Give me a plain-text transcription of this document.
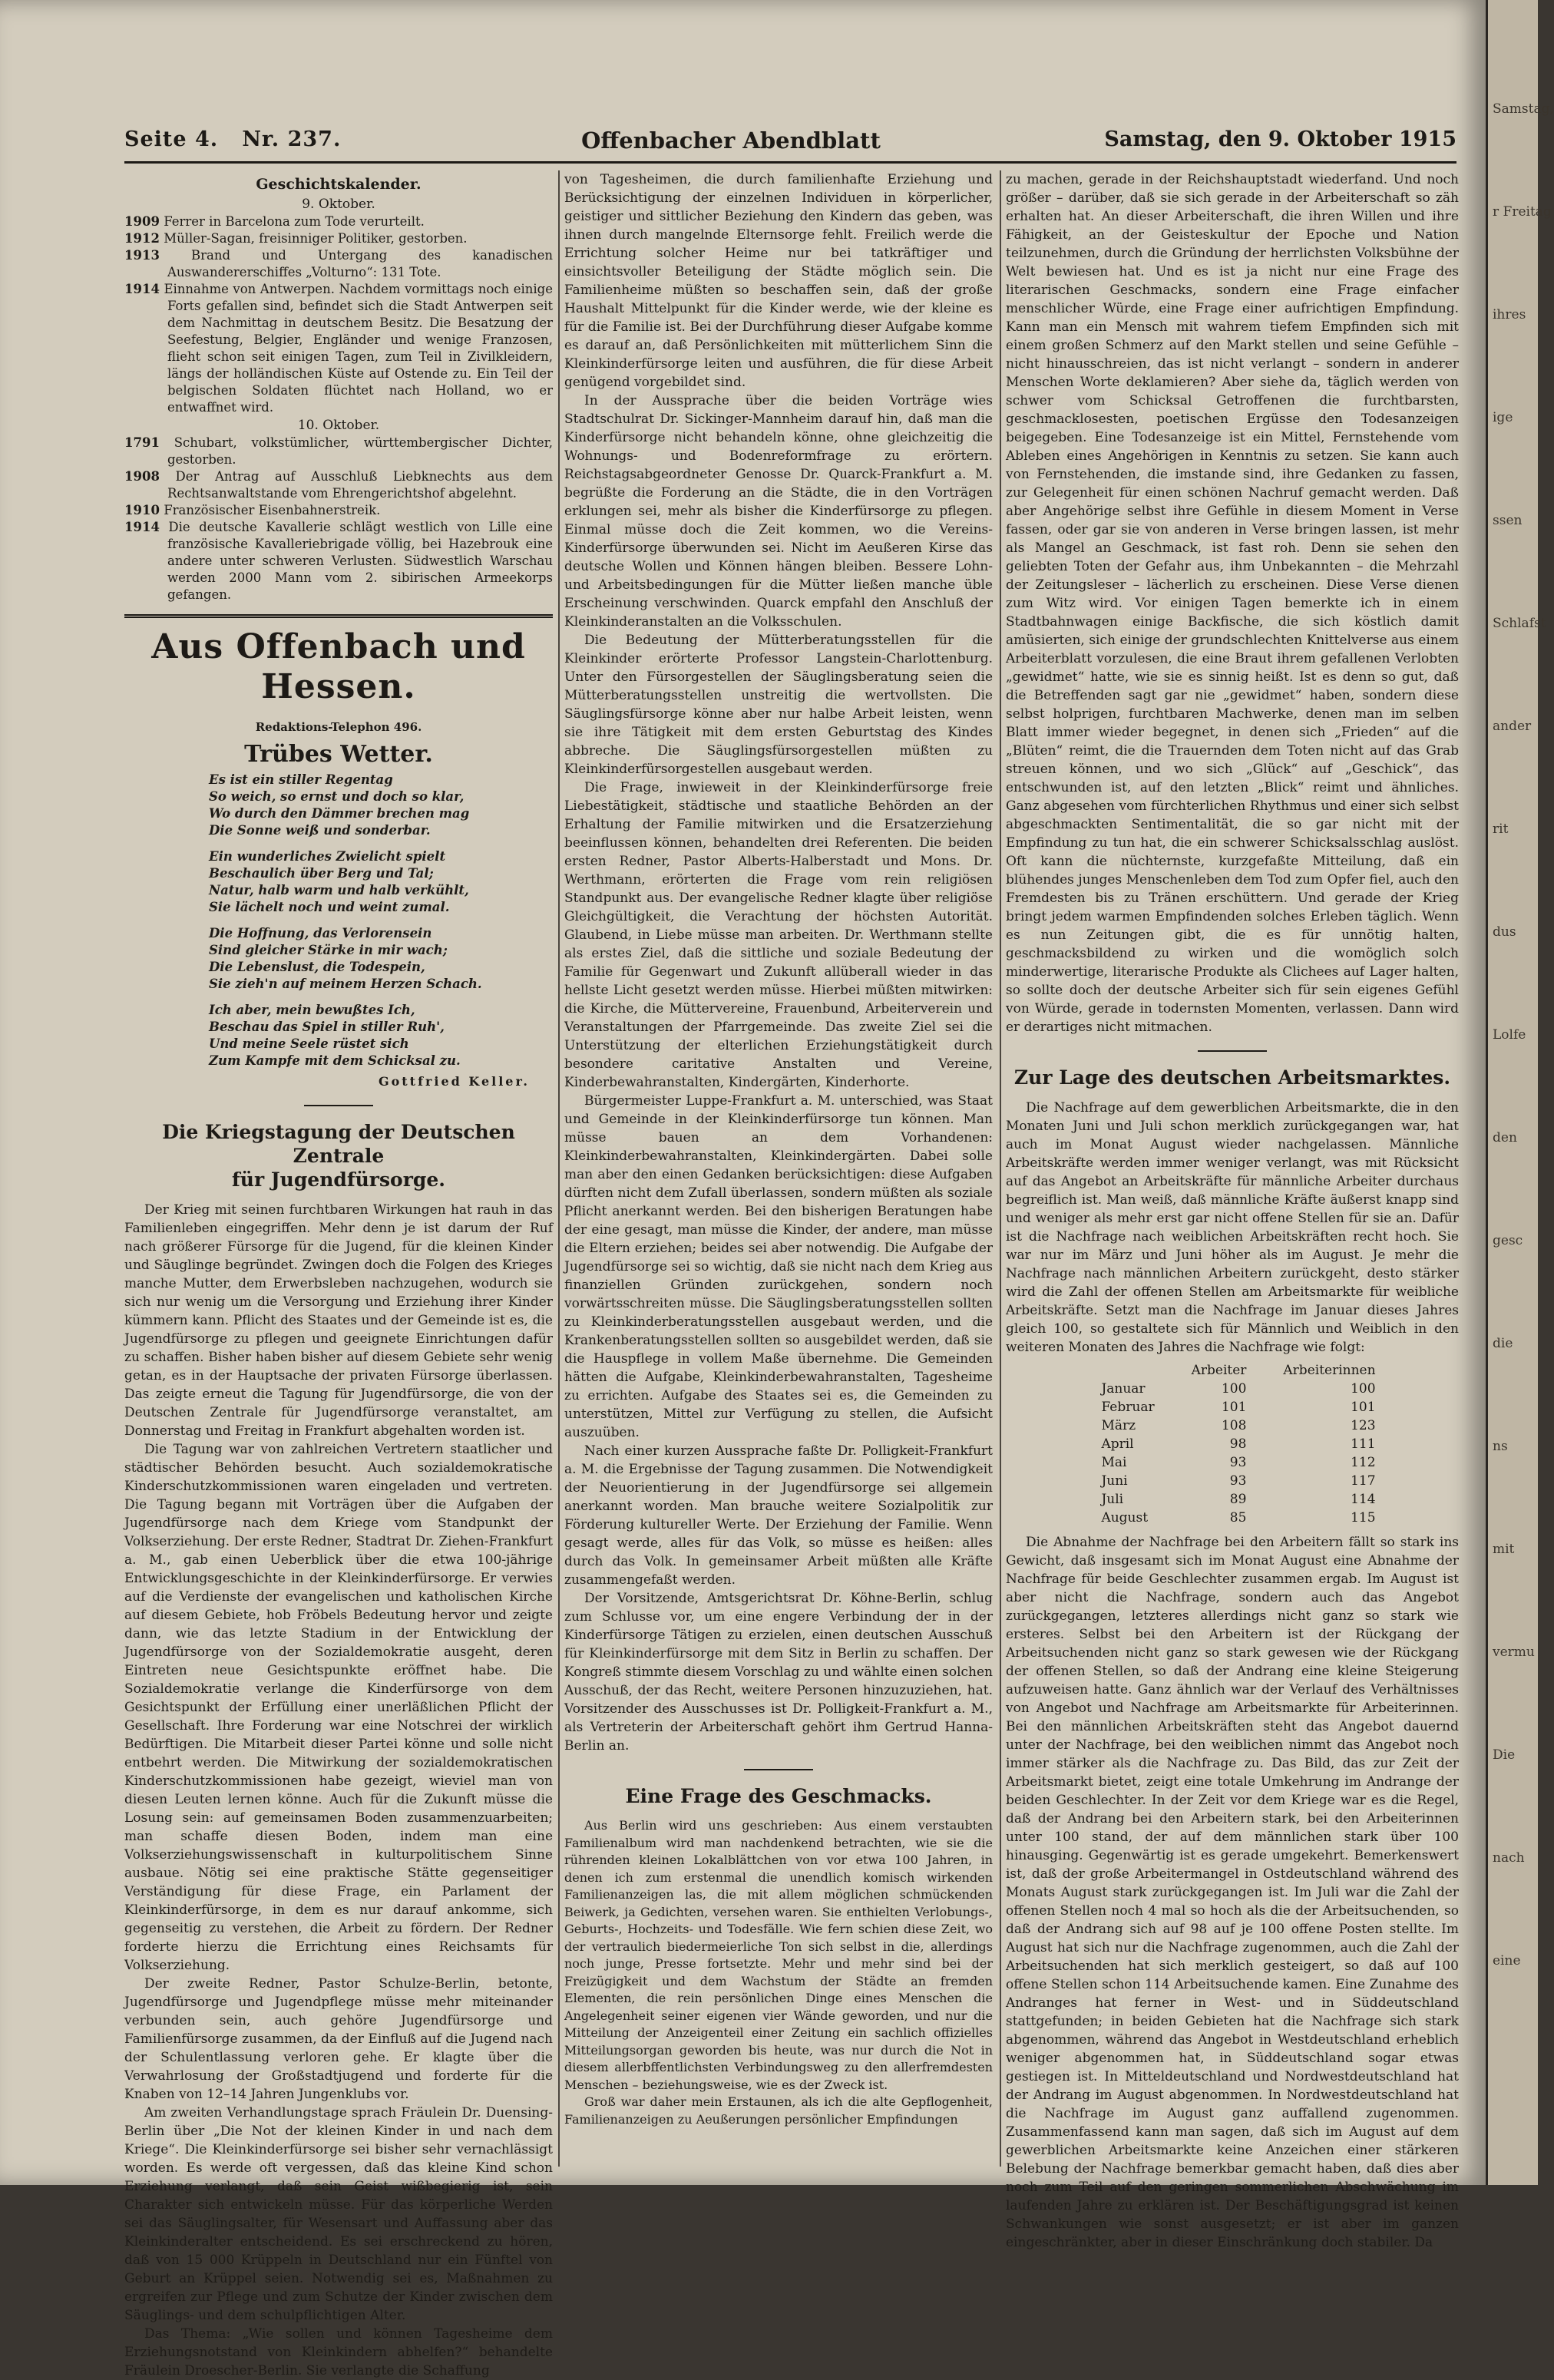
Seite 4. Nr. 237.	Offenbacher Abendblatt	Samstag, den 9. Oktober 1915

Geschichtskalender.

9. Oktober.

1909 Ferrer in Barcelona zum Tode verurteilt.

1912 Müller-Sagan, freisinniger Politiker, gestorben.

1913 Brand und Untergang des kanadischen Auswandererschiffes „Volturno“: 131 Tote.

1914 Einnahme von Antwerpen. Nachdem vormittags noch einige Forts gefallen sind, befindet sich die Stadt Antwerpen seit dem Nachmittag in deutschem Besitz. Die Besatzung der Seefestung, Belgier, Engländer und wenige Franzosen, flieht schon seit einigen Tagen, zum Teil in Zivilkleidern, längs der holländischen Küste auf Ostende zu. Ein Teil der belgischen Soldaten flüchtet nach Holland, wo er entwaffnet wird.

10. Oktober.

1791 Schubart, volkstümlicher, württembergischer Dichter, gestorben.

1908 Der Antrag auf Ausschluß Liebknechts aus dem Rechtsanwaltstande vom Ehrengerichtshof abgelehnt.

1910 Französischer Eisenbahnerstreik.

1914 Die deutsche Kavallerie schlägt westlich von Lille eine französische Kavalleriebrigade völlig, bei Hazebrouk eine andere unter schweren Verlusten. Südwestlich Warschau werden 2000 Mann vom 2. sibirischen Armeekorps gefangen.

Aus Offenbach und Hessen.

Redaktions-Telephon 496.

Trübes Wetter.

Es ist ein stiller Regentag

So weich, so ernst und doch so klar,

Wo durch den Dämmer brechen mag

Die Sonne weiß und sonderbar.

Ein wunderliches Zwielicht spielt

Beschaulich über Berg und Tal;

Natur, halb warm und halb verkühlt,

Sie lächelt noch und weint zumal.

Die Hoffnung, das Verlorensein

Sind gleicher Stärke in mir wach;

Die Lebenslust, die Todespein,

Sie zieh'n auf meinem Herzen Schach.

Ich aber, mein bewußtes Ich,

Beschau das Spiel in stiller Ruh',

Und meine Seele rüstet sich

Zum Kampfe mit dem Schicksal zu.

Gottfried Keller.

Die Kriegstagung der Deutschen Zentrale
für Jugendfürsorge.

Der Krieg mit seinen furchtbaren Wirkungen hat rauh in das Familienleben eingegriffen. Mehr denn je ist darum der Ruf nach größerer Fürsorge für die Jugend, für die kleinen Kinder und Säuglinge begründet. Zwingen doch die Folgen des Krieges manche Mutter, dem Erwerbsleben nachzugehen, wodurch sie sich nur wenig um die Versorgung und Erziehung ihrer Kinder kümmern kann. Pflicht des Staates und der Gemeinde ist es, die Jugendfürsorge zu pflegen und geeignete Einrichtungen dafür zu schaffen. Bisher haben bisher auf diesem Gebiete sehr wenig getan, es in der Hauptsache der privaten Fürsorge überlassen. Das zeigte erneut die Tagung für Jugendfürsorge, die von der Deutschen Zentrale für Jugendfürsorge veranstaltet, am Donnerstag und Freitag in Frankfurt abgehalten worden ist.

Die Tagung war von zahlreichen Vertretern staatlicher und städtischer Behörden besucht. Auch sozialdemokratische Kinderschutzkommissionen waren eingeladen und vertreten. Die Tagung begann mit Vorträgen über die Aufgaben der Jugendfürsorge nach dem Kriege vom Standpunkt der Volkserziehung. Der erste Redner, Stadtrat Dr. Ziehen-Frankfurt a. M., gab einen Ueberblick über die etwa 100-jährige Entwicklungsgeschichte in der Kleinkinderfürsorge. Er verwies auf die Verdienste der evangelischen und katholischen Kirche auf diesem Gebiete, hob Fröbels Bedeutung hervor und zeigte dann, wie das letzte Stadium in der Entwicklung der Jugendfürsorge von der Sozialdemokratie ausgeht, deren Eintreten neue Gesichtspunkte eröffnet habe. Die Sozialdemokratie verlange die Kinderfürsorge von dem Gesichtspunkt der Erfüllung einer unerläßlichen Pflicht der Gesellschaft. Ihre Forderung war eine Notschrei der wirklich Bedürftigen. Die Mitarbeit dieser Partei könne und solle nicht entbehrt werden. Die Mitwirkung der sozialdemokratischen Kinderschutzkommissionen habe gezeigt, wieviel man von diesen Leuten lernen könne. Auch für die Zukunft müsse die Losung sein: auf gemeinsamen Boden zusammenzuarbeiten; man schaffe diesen Boden, indem man eine Volkserziehungswissenschaft in kulturpolitischem Sinne ausbaue. Nötig sei eine praktische Stätte gegenseitiger Verständigung für diese Frage, ein Parlament der Kleinkinderfürsorge, in dem es nur darauf ankomme, sich gegenseitig zu verstehen, die Arbeit zu fördern. Der Redner forderte hierzu die Errichtung eines Reichsamts für Volkserziehung.

Der zweite Redner, Pastor Schulze-Berlin, betonte, Jugendfürsorge und Jugendpflege müsse mehr miteinander verbunden sein, auch gehöre Jugendfürsorge und Familienfürsorge zusammen, da der Einfluß auf die Jugend nach der Schulentlassung verloren gehe. Er klagte über die Verwahrlosung der Großstadtjugend und forderte für die Knaben von 12–14 Jahren Jungenklubs vor.

Am zweiten Verhandlungstage sprach Fräulein Dr. Duensing-Berlin über „Die Not der kleinen Kinder in und nach dem Kriege“. Die Kleinkinderfürsorge sei bisher sehr vernachlässigt worden. Es werde oft vergessen, daß das kleine Kind schon Erziehung verlangt, daß sein Geist wißbegierig ist, sein Charakter sich entwickeln müsse. Für das körperliche Werden sei das Säuglingsalter, für Wesensart und Auffassung aber das Kleinkinderalter entscheidend. Es sei erschreckend zu hören, daß von 15 000 Krüppeln in Deutschland nur ein Fünftel von Geburt an Krüppel seien. Notwendig sei es, Maßnahmen zu ergreifen zur Pflege und zum Schutze der Kinder zwischen dem Säuglings- und dem schulpflichtigen Alter.

Das Thema: „Wie sollen und können Tagesheime dem Erziehungsnotstand von Kleinkindern abhelfen?“ behandelte Fräulein Droescher-Berlin. Sie verlangte die Schaffung

von Tagesheimen, die durch familienhafte Erziehung und Berücksichtigung der einzelnen Individuen in körperlicher, geistiger und sittlicher Beziehung den Kindern das geben, was ihnen durch mangelnde Elternsorge fehlt. Freilich werde die Errichtung solcher Heime nur bei tatkräftiger und einsichtsvoller Beteiligung der Städte möglich sein. Die Familienheime müßten so beschaffen sein, daß der große Haushalt Mittelpunkt für die Kinder werde, wie der kleine es für die Familie ist. Bei der Durchführung dieser Aufgabe komme es darauf an, daß Persönlichkeiten mit mütterlichem Sinn die Kleinkinderfürsorge leiten und ausführen, die für diese Arbeit genügend vorgebildet sind.

In der Aussprache über die beiden Vorträge wies Stadtschulrat Dr. Sickinger-Mannheim darauf hin, daß man die Kinderfürsorge nicht behandeln könne, ohne gleichzeitig die Wohnungs- und Bodenreformfrage zu erörtern. Reichstagsabgeordneter Genosse Dr. Quarck-Frankfurt a. M. begrüßte die Forderung an die Städte, die in den Vorträgen erklungen sei, mehr als bisher die Kinderfürsorge zu pflegen. Einmal müsse doch die Zeit kommen, wo die Vereins-Kinderfürsorge überwunden sei. Nicht im Aeußeren Kirse das deutsche Wollen und Können hängen bleiben. Bessere Lohn- und Arbeitsbedingungen für die Mütter ließen manche üble Erscheinung verschwinden. Quarck empfahl den Anschluß der Kleinkinderanstalten an die Volksschulen.

Die Bedeutung der Mütterberatungsstellen für die Kleinkinder erörterte Professor Langstein-Charlottenburg. Unter den Fürsorgestellen der Säuglingsberatung seien die Mütterberatungsstellen unstreitig die wertvollsten. Die Säuglingsfürsorge könne aber nur halbe Arbeit leisten, wenn sie ihre Tätigkeit mit dem ersten Geburtstag des Kindes abbreche. Die Säuglingsfürsorgestellen müßten zu Kleinkinderfürsorgestellen ausgebaut werden.

Die Frage, inwieweit in der Kleinkinderfürsorge freie Liebestätigkeit, städtische und staatliche Behörden an der Erhaltung der Familie mitwirken und die Ersatzerziehung beeinflussen können, behandelten drei Referenten. Die beiden ersten Redner, Pastor Alberts-Halberstadt und Mons. Dr. Werthmann, erörterten die Frage vom rein religiösen Standpunkt aus. Der evangelische Redner klagte über religiöse Gleichgültigkeit, die Verachtung der höchsten Autorität. Glaubend, in Liebe müsse man arbeiten. Dr. Werthmann stellte als erstes Ziel, daß die sittliche und soziale Bedeutung der Familie für Gegenwart und Zukunft allüberall wieder in das hellste Licht gesetzt werden müsse. Hierbei müßten mitwirken: die Kirche, die Müttervereine, Frauenbund, Arbeiterverein und Veranstaltungen der Pfarrgemeinde. Das zweite Ziel sei die Unterstützung der elterlichen Erziehungstätigkeit durch besondere caritative Anstalten und Vereine, Kinderbewahranstalten, Kindergärten, Kinderhorte.

Bürgermeister Luppe-Frankfurt a. M. unterschied, was Staat und Gemeinde in der Kleinkinderfürsorge tun können. Man müsse bauen an dem Vorhandenen: Kleinkinderbewahranstalten, Kleinkindergärten. Dabei solle man aber den einen Gedanken berücksichtigen: diese Aufgaben dürften nicht dem Zufall überlassen, sondern müßten als soziale Pflicht anerkannt werden. Bei den bisherigen Beratungen habe der eine gesagt, man müsse die Kinder, der andere, man müsse die Eltern erziehen; beides sei aber notwendig. Die Aufgabe der Jugendfürsorge sei so wichtig, daß sie nicht nach dem Krieg aus finanziellen Gründen zurückgehen, sondern noch vorwärtsschreiten müsse. Die Säuglingsberatungsstellen sollten zu Kleinkinderberatungsstellen ausgebaut werden, und die Krankenberatungsstellen sollten so ausgebildet werden, daß sie die Hauspflege in vollem Maße übernehme. Die Gemeinden hätten die Aufgabe, Kleinkinderbewahranstalten, Tagesheime zu errichten. Aufgabe des Staates sei es, die Gemeinden zu unterstützen, Mittel zur Verfügung zu stellen, die Aufsicht auszuüben.

Nach einer kurzen Aussprache faßte Dr. Polligkeit-Frankfurt a. M. die Ergebnisse der Tagung zusammen. Die Notwendigkeit der Neuorientierung in der Jugendfürsorge sei allgemein anerkannt worden. Man brauche weitere Sozialpolitik zur Förderung kultureller Werte. Der Erziehung der Familie. Wenn gesagt werde, alles für das Volk, so müsse es heißen: alles durch das Volk. In gemeinsamer Arbeit müßten alle Kräfte zusammengefaßt werden.

Der Vorsitzende, Amtsgerichtsrat Dr. Köhne-Berlin, schlug zum Schlusse vor, um eine engere Verbindung der in der Kinderfürsorge Tätigen zu erzielen, einen deutschen Ausschuß für Kleinkinderfürsorge mit dem Sitz in Berlin zu schaffen. Der Kongreß stimmte diesem Vorschlag zu und wählte einen solchen Ausschuß, der das Recht, weitere Personen hinzuzuziehen, hat. Vorsitzender des Ausschusses ist Dr. Polligkeit-Frankfurt a. M., als Vertreterin der Arbeiterschaft gehört ihm Gertrud Hanna-Berlin an.

Eine Frage des Geschmacks.

Aus Berlin wird uns geschrieben: Aus einem verstaubten Familienalbum wird man nachdenkend betrachten, wie sie die rührenden kleinen Lokalblättchen von vor etwa 100 Jahren, in denen ich zum erstenmal die unendlich komisch wirkenden Familienanzeigen las, die mit allem möglichen schmückenden Beiwerk, ja Gedichten, versehen waren. Sie enthielten Verlobungs-, Geburts-, Hochzeits- und Todesfälle. Wie fern schien diese Zeit, wo der vertraulich biedermeierliche Ton sich selbst in die, allerdings noch junge, Presse fortsetzte. Mehr und mehr sind bei der Freizügigkeit und dem Wachstum der Städte an fremden Elementen, die rein persönlichen Dinge eines Menschen die Angelegenheit seiner eigenen vier Wände geworden, und nur die Mitteilung der Anzeigenteil einer Zeitung ein sachlich offizielles Mitteilungsorgan geworden bis heute, was nur durch die Not in diesem allerbffentlichsten Verbindungsweg zu den allerfremdesten Menschen – beziehungsweise, wie es der Zweck ist.

Groß war daher mein Erstaunen, als ich die alte Gepflogenheit, Familienanzeigen zu Aeußerungen persönlicher Empfindungen

zu machen, gerade in der Reichshauptstadt wiederfand. Und noch größer – darüber, daß sie sich gerade in der Arbeiterschaft so zäh erhalten hat. An dieser Arbeiterschaft, die ihren Willen und ihre Fähigkeit, an der Geisteskultur der Epoche und Nation teilzunehmen, durch die Gründung der herrlichsten Volksbühne der Welt bewiesen hat. Und es ist ja nicht nur eine Frage des literarischen Geschmacks, sondern eine Frage einfacher menschlicher Würde, eine Frage einer aufrichtigen Empfindung. Kann man ein Mensch mit wahrem tiefem Empfinden sich mit einem großen Schmerz auf den Markt stellen und seine Gefühle – nicht hinausschreien, das ist nicht verlangt – sondern in anderer Menschen Worte deklamieren? Aber siehe da, täglich werden von schwer vom Schicksal Getroffenen die furchtbarsten, geschmacklosesten, poetischen Ergüsse den Todesanzeigen beigegeben. Eine Todesanzeige ist ein Mittel, Fernstehende vom Ableben eines Angehörigen in Kenntnis zu setzen. Sie kann auch von Fernstehenden, die imstande sind, ihre Gedanken zu fassen, zur Gelegenheit für einen schönen Nachruf gemacht werden. Daß aber Angehörige selbst ihre Gefühle in diesem Moment in Verse fassen, oder gar sie von anderen in Verse bringen lassen, ist mehr als Mangel an Geschmack, ist fast roh. Denn sie sehen den geliebten Toten der Gefahr aus, ihm Unbekannten – die Mehrzahl der Zeitungsleser – lächerlich zu erscheinen. Diese Verse dienen zum Witz wird. Vor einigen Tagen bemerkte ich in einem Stadtbahnwagen einige Backfische, die sich köstlich damit amüsierten, sich einige der grundschlechten Knittelverse aus einem Arbeiterblatt vorzulesen, die eine Braut ihrem gefallenen Verlobten „gewidmet“ hatte, wie sie es sinnig heißt. Ist es denn so gut, daß die Betreffenden sagt gar nie „gewidmet“ haben, sondern diese selbst holprigen, furchtbaren Machwerke, denen man im selben Blatt immer wieder begegnet, in denen sich „Frieden“ auf die „Blüten“ reimt, die die Trauernden dem Toten nicht auf das Grab streuen können, und wo sich „Glück“ auf „Geschick“, das entschwunden ist, auf den letzten „Blick“ reimt und ähnliches. Ganz abgesehen vom fürchterlichen Rhythmus und einer sich selbst abgeschmackten Sentimentalität, die so gar nicht mit der Empfindung zu tun hat, die ein schwerer Schicksalsschlag auslöst. Oft kann die nüchternste, kurzgefaßte Mitteilung, daß ein blühendes junges Menschenleben dem Tod zum Opfer fiel, auch den Fremdesten bis zu Tränen erschüttern. Und gerade der Krieg bringt jedem warmen Empfindenden solches Erleben täglich. Wenn es nun Zeitungen gibt, die es für unnötig halten, geschmacksbildend zu wirken und die womöglich solch minderwertige, literarische Produkte als Clichees auf Lager halten, so sollte doch der deutsche Arbeiter sich für sein eigenes Gefühl von Würde, gerade in todernsten Momenten, verlassen. Dann wird er derartiges nicht mitmachen.

Zur Lage des deutschen Arbeitsmarktes.

Die Nachfrage auf dem gewerblichen Arbeitsmarkte, die in den Monaten Juni und Juli schon merklich zurückgegangen war, hat auch im Monat August wieder nachgelassen. Männliche Arbeitskräfte werden immer weniger verlangt, was mit Rücksicht auf das Angebot an Arbeitskräfte für männliche Arbeiter durchaus begreiflich ist. Man weiß, daß männliche Kräfte äußerst knapp sind und weniger als mehr erst gar nicht offene Stellen für sie an. Dafür ist die Nachfrage nach weiblichen Arbeitskräften recht hoch. Sie war nur im März und Juni höher als im August. Je mehr die Nachfrage nach männlichen Arbeitern zurückgeht, desto stärker wird die Zahl der offenen Stellen am Arbeitsmarkte für weibliche Arbeitskräfte. Setzt man die Nachfrage im Januar dieses Jahres gleich 100, so gestaltete sich für Männlich und Weiblich in den weiteren Monaten des Jahres die Nachfrage wie folgt:

	Arbeiter	Arbeiterinnen
Januar	100	100
Februar	101	101
März	108	123
April	98	111
Mai	93	112
Juni	93	117
Juli	89	114
August	85	115

Die Abnahme der Nachfrage bei den Arbeitern fällt so stark ins Gewicht, daß insgesamt sich im Monat August eine Abnahme der Nachfrage für beide Geschlechter zusammen ergab. Im August ist aber nicht die Nachfrage, sondern auch das Angebot zurückgegangen, letzteres allerdings nicht ganz so stark wie ersteres. Selbst bei den Arbeitern ist der Rückgang der Arbeitsuchenden nicht ganz so stark gewesen wie der Rückgang der offenen Stellen, so daß der Andrang eine kleine Steigerung aufzuweisen hatte. Ganz ähnlich war der Verlauf des Verhältnisses von Angebot und Nachfrage am Arbeitsmarkte für Arbeiterinnen. Bei den männlichen Arbeitskräften steht das Angebot dauernd unter der Nachfrage, bei den weiblichen nimmt das Angebot noch immer stärker als die Nachfrage zu. Das Bild, das zur Zeit der Arbeitsmarkt bietet, zeigt eine totale Umkehrung im Andrange der beiden Geschlechter. In der Zeit vor dem Kriege war es die Regel, daß der Andrang bei den Arbeitern stark, bei den Arbeiterinnen unter 100 stand, der auf dem männlichen stark über 100 hinausging. Gegenwärtig ist es gerade umgekehrt. Bemerkenswert ist, daß der große Arbeitermangel in Ostdeutschland während des Monats August stark zurückgegangen ist. Im Juli war die Zahl der offenen Stellen noch 4 mal so hoch als die der Arbeitsuchenden, so daß der Andrang sich auf 98 auf je 100 offene Posten stellte. Im August hat sich nur die Nachfrage zugenommen, auch die Zahl der Arbeitsuchenden hat sich merklich gesteigert, so daß auf 100 offene Stellen schon 114 Arbeitsuchende kamen. Eine Zunahme des Andranges hat ferner in West- und in Süddeutschland stattgefunden; in beiden Gebieten hat die Nachfrage sich stark abgenommen, während das Angebot in Westdeutschland erheblich weniger abgenommen hat, in Süddeutschland sogar etwas gestiegen ist. In Mitteldeutschland und Nordwestdeutschland hat der Andrang im August abgenommen. In Nordwestdeutschland hat die Nachfrage im August ganz auffallend zugenommen. Zusammenfassend kann man sagen, daß sich im August auf dem gewerblichen Arbeitsmarkte keine Anzeichen einer stärkeren Belebung der Nachfrage bemerkbar gemacht haben, daß dies aber noch zum Teil auf den geringen sommerlichen Abschwächung im laufenden Jahre zu erklären ist. Der Beschäftigungsgrad ist keinen Schwankungen wie sonst ausgesetzt; er ist aber im ganzen eingeschränkter, aber in dieser Einschränkung doch stabiler. Da

Samstag,
r Freitag
ihres
ige
ssen
Schlafst
ander
rit
dus
Lolfe
den
gesc
die
ns
mit
vermu
Die
nach
eine
